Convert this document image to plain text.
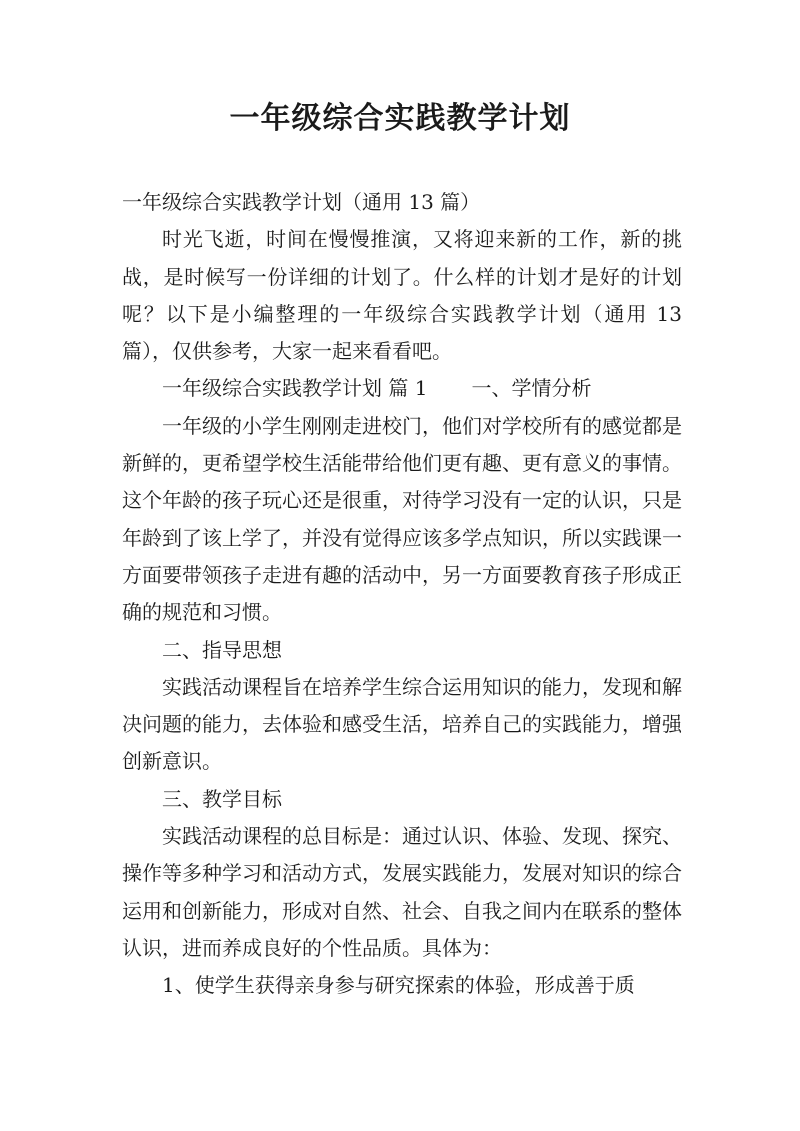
一年级综合实践教学计划

一年级综合实践教学计划（通用 13 篇）

时光飞逝，时间在慢慢推演，又将迎来新的工作，新的挑战，是时候写一份详细的计划了。什么样的计划才是好的计划呢？以下是小编整理的一年级综合实践教学计划（通用 13 篇），仅供参考，大家一起来看看吧。

一年级综合实践教学计划 篇 1 一、学情分析

一年级的小学生刚刚走进校门，他们对学校所有的感觉都是新鲜的，更希望学校生活能带给他们更有趣、更有意义的事情。这个年龄的孩子玩心还是很重，对待学习没有一定的认识，只是年龄到了该上学了，并没有觉得应该多学点知识，所以实践课一方面要带领孩子走进有趣的活动中，另一方面要教育孩子形成正确的规范和习惯。

二、指导思想

实践活动课程旨在培养学生综合运用知识的能力，发现和解决问题的能力，去体验和感受生活，培养自己的实践能力，增强创新意识。

三、教学目标

实践活动课程的总目标是：通过认识、体验、发现、探究、操作等多种学习和活动方式，发展实践能力，发展对知识的综合运用和创新能力，形成对自然、社会、自我之间内在联系的整体认识，进而养成良好的个性品质。具体为：

1、使学生获得亲身参与研究探索的体验，形成善于质
